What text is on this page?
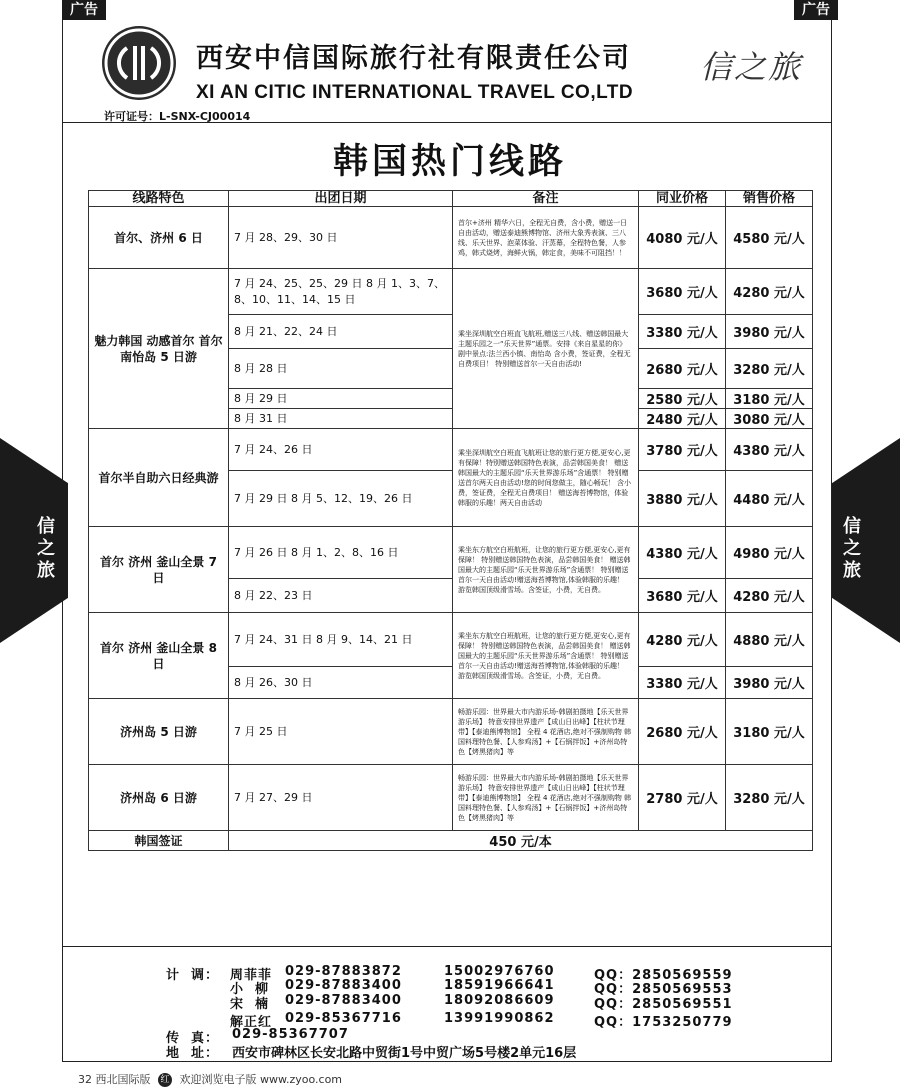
广告	广告
西安中信国际旅行社有限责任公司
XI AN CITIC INTERNATIONAL TRAVEL CO,LTD
信之旅
许可证号：L-SNX-CJ00014
韩国热门线路
线路特色	出团日期	备注	同业价格	销售价格
首尔、济州 6 日	7 月 28、29、30 日	首尔+济州 精华六日，全程无自费，含小费，赠送一日自由活动，赠送泰迪熊博物馆、济州大象秀表演、三八线、乐天世界、泡菜体验、汗蒸幕，全程特色餐，人参鸡，韩式烧烤，海鲜火锅，韩定食，美味不可阻挡！！	4080 元/人	4580 元/人
魅力韩国 动感首尔 首尔南怡岛 5 日游	7 月 24、25、25、29 日 8 月 1、3、7、8、10、11、14、15 日	乘坐深圳航空白班直飞航班,赠送三八线、赠送韩国最大主题乐园之一“乐天世界”通票。安排《来自星星的你》剧中景点:法兰西小镇、南怡岛 含小费，签证费，全程无自费项目！ 特别赠送首尔一天自由活动!	3680 元/人	4280 元/人
	8 月 21、22、24 日		3380 元/人	3980 元/人
	8 月 28 日		2680 元/人	3280 元/人
	8 月 29 日		2580 元/人	3180 元/人
	8 月 31 日		2480 元/人	3080 元/人
首尔半自助六日经典游	7 月 24、26 日	乘坐深圳航空白班直飞航班让您的旅行更方便,更安心,更有保障！特别赠送韩国特色表演，品尝韩国美食！ 赠送韩国最大的主题乐园“乐天世界游乐场”含通票！ 特别赠送首尔两天自由活动!您的时间您做主，随心畅玩！ 含小费，签证费，全程无自费项目！ 赠送海苔博物馆，体验韩服的乐趣！两天自由活动	3780 元/人	4380 元/人
	7 月 29 日 8 月 5、12、19、26 日		3880 元/人	4480 元/人
首尔 济州 釜山全景 7 日	7 月 26 日 8 月 1、2、8、16 日	乘坐东方航空白班航班，让您的旅行更方便,更安心,更有保障！ 特别赠送韩国特色表演，品尝韩国美食！ 赠送韩国最大的主题乐园“乐天世界游乐场”含通票！ 特别赠送首尔一天自由活动!赠送海苔博物馆,体验韩服的乐趣！ 游览韩国顶级滑雪场。含签证，小费，无自费。	4380 元/人	4980 元/人
	8 月 22、23 日		3680 元/人	4280 元/人
首尔 济州 釜山全景 8 日	7 月 24、31 日 8 月 9、14、21 日	乘坐东方航空白班航班，让您的旅行更方便,更安心,更有保障！ 特别赠送韩国特色表演，品尝韩国美食！ 赠送韩国最大的主题乐园“乐天世界游乐场”含通票！ 特别赠送首尔一天自由活动!赠送海苔博物馆,体验韩服的乐趣！ 游览韩国顶级滑雪场。含签证，小费，无自费。	4280 元/人	4880 元/人
	8 月 26、30 日		3380 元/人	3980 元/人
济州岛 5 日游	7 月 25 日	畅游乐园：世界最大市内游乐场-韩剧拍摄地【乐天世界游乐场】 特意安排世界遗产【成山日出峰】【柱状节理带】【泰迪熊博物馆】 全程 4 花酒店,绝对不强制购物 韩国料理特色餐、【人参鸡汤】+【石锅拌饭】+济州岛特色【烤黑猪肉】等	2680 元/人	3180 元/人
济州岛 6 日游	7 月 27、29 日	畅游乐园：世界最大市内游乐场-韩剧拍摄地【乐天世界游乐场】 特意安排世界遗产【成山日出峰】【柱状节理带】【泰迪熊博物馆】 全程 4 花酒店,绝对不强制购物 韩国料理特色餐、【人参鸡汤】+【石锅拌饭】+济州岛特色【烤黑猪肉】等	2780 元/人	3280 元/人
韩国签证	450 元/本			
信之旅
信之旅
计  调： 周菲菲 029-87883872	15002976760	QQ：2850569559
小  柳 029-87883400	18591966641	QQ：2850569553
宋  楠 029-87883400	18092086609	QQ：2850569551
解正红 029-85367716	13991990862	QQ：1753250779
传  真： 029-85367707
地  址： 西安市碑林区长安北路中贸街1号中贸广场5号楼2单元16层
32 西北国际版 红 欢迎浏览电子版 www.zyoo.com
